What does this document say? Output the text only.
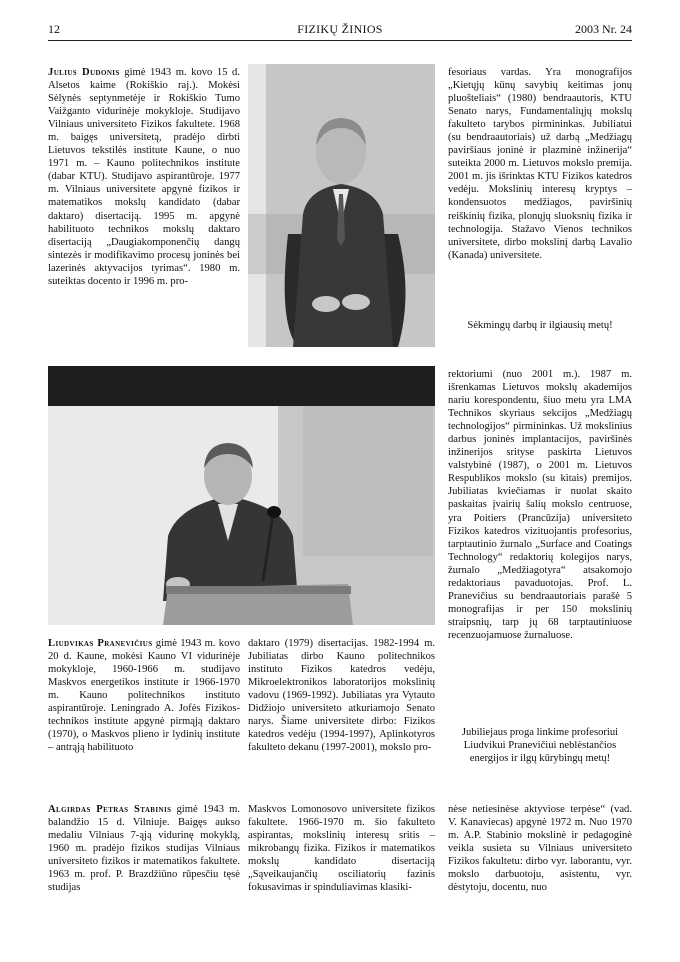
12	FIZIKŲ ŽINIOS	2003 Nr. 24

Julius Dudonis gimė 1943 m. kovo 15 d. Alsetos kaime (Rokiškio raj.). Mokėsi Sėlynės septynmetėje ir Rokiškio Tumo Vaižganto vidurinėje mokykloje. Studijavo Vilniaus universiteto Fizikos fakultete. 1968 m. baigęs universitetą, pradėjo dirbti Lietuvos tekstilės institute Kaune, o nuo 1971 m. – Kauno politechnikos institute (dabar KTU). Studijavo aspirantūroje. 1977 m. Vilniaus universitete apgynė fizikos ir matematikos mokslų kandidato (dabar daktaro) disertaciją. 1995 m. apgynė habilituoto technikos mokslų daktaro disertaciją „Daugiakomponenčių dangų sintezės ir modifikavimo procesų joninės bei lazerinės aktyvacijos tyrimas“. 1980 m. suteiktas docento ir 1996 m. pro-

fesoriaus vardas. Yra monografijos „Kietųjų kūnų savybių keitimas jonų pluošteliais“ (1980) bendraautoris, KTU Senato narys, Fundamentaliųjų mokslų fakulteto tarybos pirmininkas. Jubiliatui (su bendraautoriais) už darbą „Medžiagų paviršiaus joninė ir plazminė inžinerija“ suteikta 2000 m. Lietuvos mokslo premija. 2001 m. jis išrinktas KTU Fizikos katedros vedėju. Mokslinių interesų kryptys – kondensuotos medžiagos, paviršinių reiškinių fizika, plonųjų sluoksnių fizika ir technologija. Stažavo Vienos technikos universitete, dirbo mokslinį darbą Lavalio (Kanada) universitete.

Sėkmingų darbų ir ilgiausių metų!

rektoriumi (nuo 2001 m.). 1987 m. išrenkamas Lietuvos mokslų akademijos nariu korespondentu, šiuo metu yra LMA Technikos skyriaus sekcijos „Medžiagų technologijos“ pirmininkas. Už mokslinius darbus joninės implantacijos, paviršinės inžinerijos srityse paskirta Lietuvos valstybinė (1987), o 2001 m. Lietuvos Respublikos mokslo (su kitais) premijos. Jubiliatas kviečiamas ir nuolat skaito paskaitas įvairių šalių mokslo centruose, yra Poitiers (Prancūzija) universiteto Fizikos katedros vizituojantis profesorius, tarptautinio žurnalo „Surface and Coatings Technology“ redaktorių kolegijos narys, žurnalo „Medžiagotyra“ atsakomojo redaktoriaus pavaduotojas. Prof. L. Pranevičius su bendraautoriais parašė 5 monografijas ir per 150 mokslinių straipsnių, tarp jų 68 tarptautiniuose recenzuojamuose žurnaluose.

Jubiliejaus proga linkime profesoriui Liudvikui Pranevičiui neblėstančios energijos ir ilgų kūrybingų metų!

Liudvikas Pranevičius gimė 1943 m. kovo 20 d. Kaune, mokėsi Kauno VI vidurinėje mokykloje, 1960-1966 m. studijavo Maskvos energetikos institute ir 1966-1970 m. Kauno politechnikos instituto aspirantūroje. Leningrado A. Jofės Fizikos-technikos institute apgynė pirmąją daktaro (1970), o Maskvos plieno ir lydinių institute – antrąją habilituoto

daktaro (1979) disertacijas. 1982-1994 m. Jubiliatas dirbo Kauno politechnikos instituto Fizikos katedros vedėju, Mikroelektronikos laboratorijos mokslinių vadovu (1969-1992). Jubiliatas yra Vytauto Didžiojo universiteto atkuriamojo Senato narys. Šiame universitete dirbo: Fizikos katedros vedėju (1994-1997), Aplinkotyros fakulteto dekanu (1997-2001), mokslo pro-

Algirdas Petras Stabinis gimė 1943 m. balandžio 15 d. Vilniuje. Baigęs aukso medaliu Vilniaus 7-ąją vidurinę mokyklą, 1960 m. pradėjo fizikos studijas Vilniaus universiteto fizikos ir matematikos fakultete. 1963 m. prof. P. Brazdžiūno rūpesčiu tęsė studijas

Maskvos Lomonosovo universitete fizikos fakultete. 1966-1970 m. šio fakulteto aspirantas, mokslinių interesų sritis – mikrobangų fizika. Fizikos ir matematikos mokslų kandidato disertaciją „Sąveikaujančių osciliatorių fazinis fokusavimas ir spinduliavimas klasiki-

nėse netiesinėse aktyviose terpėse“ (vad. V. Kanaviecas) apgynė 1972 m. Nuo 1970 m. A.P. Stabinio mokslinė ir pedagoginė veikla susieta su Vilniaus universiteto Fizikos fakultetu: dirbo vyr. laborantu, vyr. mokslo darbuotoju, asistentu, vyr. dėstytoju, docentu, nuo
